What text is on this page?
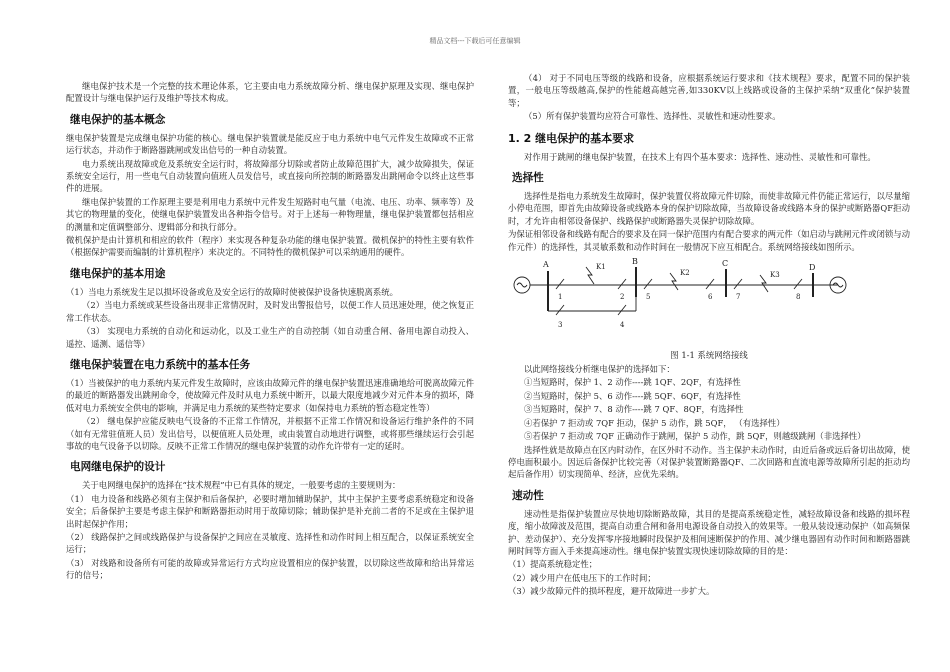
精品文档---下载后可任意编辑

继电保护技术是一个完整的技术理论体系，它主要由电力系统故障分析、继电保护原理及实现、继电保护配置设计与继电保护运行及维护等技术构成。

继电保护的基本概念

继电保护装置是完成继电保护功能的核心。继电保护装置就是能反应于电力系统中电气元件发生故障或不正常运行状态，并动作于断路器跳闸或发出信号的一种自动装置。

电力系统出现故障或危及系统安全运行时，将故障部分切除或者防止故障范围扩大，减少故障损失，保证系统安全运行，用一些电气自动装置向值班人员发信号，或直接向所控制的断路器发出跳闸命令以终止这些事件的进展。

继电保护装置的工作原理主要是利用电力系统中元件发生短路时电气量（电流、电压、功率、频率等）及其它的物理量的变化，使继电保护装置发出各种指令信号。对于上述每一种物理量，继电保护装置都包括相应的测量和定值调整部分、逻辑部分和执行部分。

微机保护是由计算机和相应的软件（程序）来实现各种复杂功能的继电保护装置。微机保护的特性主要有软件（根据保护需要而编制的计算机程序）来决定的。不同特性的微机保护可以采纳通用的硬件。

继电保护的基本用途

（1）当电力系统发生足以损坏设备或危及安全运行的故障时使被保护设备快速脱离系统。

（2）当电力系统或某些设备出现非正常情况时，及时发出警报信号，以便工作人员迅速处理，使之恢复正常工作状态。

（3） 实现电力系统的自动化和远动化，以及工业生产的自动控制（如自动重合闸、备用电源自动投入、遥控、遥测、遥信等）

继电保护装置在电力系统中的基本任务

（1）当被保护的电力系统内某元件发生故障时，应该由故障元件的继电保护装置迅速准确地给可脱离故障元件的最近的断路器发出跳闸命令，使故障元件及时从电力系统中断开，以最大限度地减少对元件本身的损坏，降低对电力系统安全供电的影响，并满足电力系统的某些特定要求（如保持电力系统的暂态稳定性等）

（2） 继电保护应能反映电气设备的不正常工作情况，并根据不正常工作情况和设备运行维护条件的不同（如有无常驻值班人员）发出信号，以便值班人员处理，或由装置自动地进行调整，或将那些继续运行会引起事故的电气设备予以切除。反映不正常工作情况的继电保护装置的动作允许带有一定的延时。

电网继电保护的设计

关于电网继电保护的选择在“技术规程”中已有具体的规定，一般要考虑的主要规则为：

（1） 电力设备和线路必须有主保护和后备保护，必要时增加辅助保护，其中主保护主要考虑系统稳定和设备安全；后备保护主要是考虑主保护和断路器拒动时用于故障切除；辅助保护是补充前二者的不足或在主保护退出时起保护作用；

（2） 线路保护之间或线路保护与设备保护之间应在灵敏度、选择性和动作时间上相互配合，以保证系统安全运行；

（3） 对线路和设备所有可能的故障或异常运行方式均应设置相应的保护装置，以切除这些故障和给出异常运行的信号；

（4） 对于不同电压等级的线路和设备，应根据系统运行要求和《技术规程》要求，配置不同的保护装置，一般电压等级越高,保护的性能越高越完善,如330KV以上线路或设备的主保护采纳“双重化”保护装置等；

（5）所有保护装置均应符合可靠性、选择性、灵敏性和速动性要求。

1. 2 继电保护的基本要求

对作用于跳闸的继电保护装置，在技术上有四个基本要求：选择性、速动性、灵敏性和可靠性。

选择性

选择性是指电力系统发生故障时，保护装置仅将故障元件切除，而使非故障元件仍能正常运行，以尽量缩小停电范围，即首先由故障设备或线路本身的保护切除故障，当故障设备或线路本身的保护或断路器QF拒动时，才允许由相邻设备保护、线路保护或断路器失灵保护切除故障。

为保证相邻设备和线路有配合的要求及在同一保护范围内有配合要求的两元件（如启动与跳闸元件或闭锁与动作元件）的选择性，其灵敏系数和动作时间在一般情况下应互相配合。系统网络接线如图所示。

A	B	C	D
K1
K2	K3
1	2
3	4
5	6	7	8
图 1-1 系统网络接线

以此网络接线分析继电保护的选择如下：

①当短路时，保护 1、2 动作----跳 1QF、2QF，有选择性

②当短路时，保护 5、6 动作----跳 5QF、6QF，有选择性

③当短路时，保护 7、8 动作----跳 7 QF、8QF，有选择性

④若保护 7 拒动或 7QF 拒动，保护 5 动作，跳 5QF， （有选择性）

⑤若保护 7 拒动或 7QF 正确动作于跳闸，保护 5 动作，跳 5QF，则越级跳闸（非选择性）

选择性就是故障点在区内时动作，在区外时不动作。当主保护未动作时，由近后备或远后备切出故障，使停电面积最小。因远后备保护比较完善（对保护装置断路器QF、二次回路和直流电源等故障所引起的拒动均起后备作用）切实现简单、经济，应优先采纳。

速动性

速动性是指保护装置应尽快地切除断路故障，其目的是提高系统稳定性，减轻故障设备和线路的损坏程度，缩小故障波及范围，提高自动重合闸和备用电源设备自动投入的效果等。一般从装设速动保护（如高频保护、差动保护）、充分发挥零序接地瞬时段保护及相间速断保护的作用、减少继电器固有动作时间和断路器跳闸时间等方面入手来提高速动性。继电保护装置实现快速切除故障的目的是：

（1）提高系统稳定性；

（2）减少用户在低电压下的工作时间；

（3）减少故障元件的损坏程度，避开故障进一步扩大。
